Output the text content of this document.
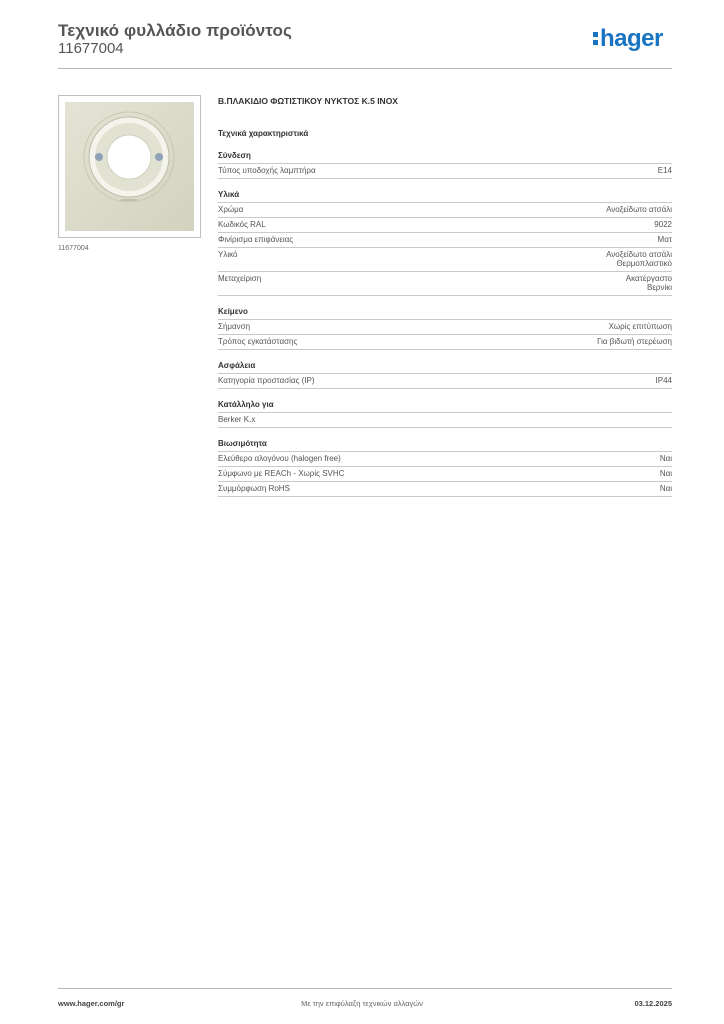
Τεχνικό φυλλάδιο προϊόντος
11677004	hager
11677004
Β.ΠΛΑΚΙΔΙΟ ΦΩΤΙΣΤΙΚΟΥ ΝΥΚΤΟΣ Κ.5 ΙΝΟΧ
Τεχνικά χαρακτηριστικά
Σύνδεση
Τύπος υποδοχής λαμπτήρα	E14
Υλικά
Χρώμα	Ανοξείδωτο ατσάλι
Κωδικός RAL	9022
Φινίρισμα επιφάνειας	Ματ
Υλικό	Ανοξείδωτο ατσάλι
Θερμοπλαστικό
Μεταχείριση	Ακατέργαστο
Βερνίκι
Κείμενο
Σήμανση	Χωρίς επιτύπωση
Τρόπος εγκατάστασης	Για βιδωτή στερέωση
Ασφάλεια
Κατηγορία προστασίας (IP)	IP44
Κατάλληλο για
Berker K.x
Βιωσιμότητα
Ελεύθερο αλογόνου (halogen free)	Ναι
Σύμφωνο με REACh - Χωρίς SVHC	Ναι
Συμμόρφωση RoHS	Ναι
www.hager.com/gr	Με την επιφύλαξη τεχνικών αλλαγών	03.12.2025
